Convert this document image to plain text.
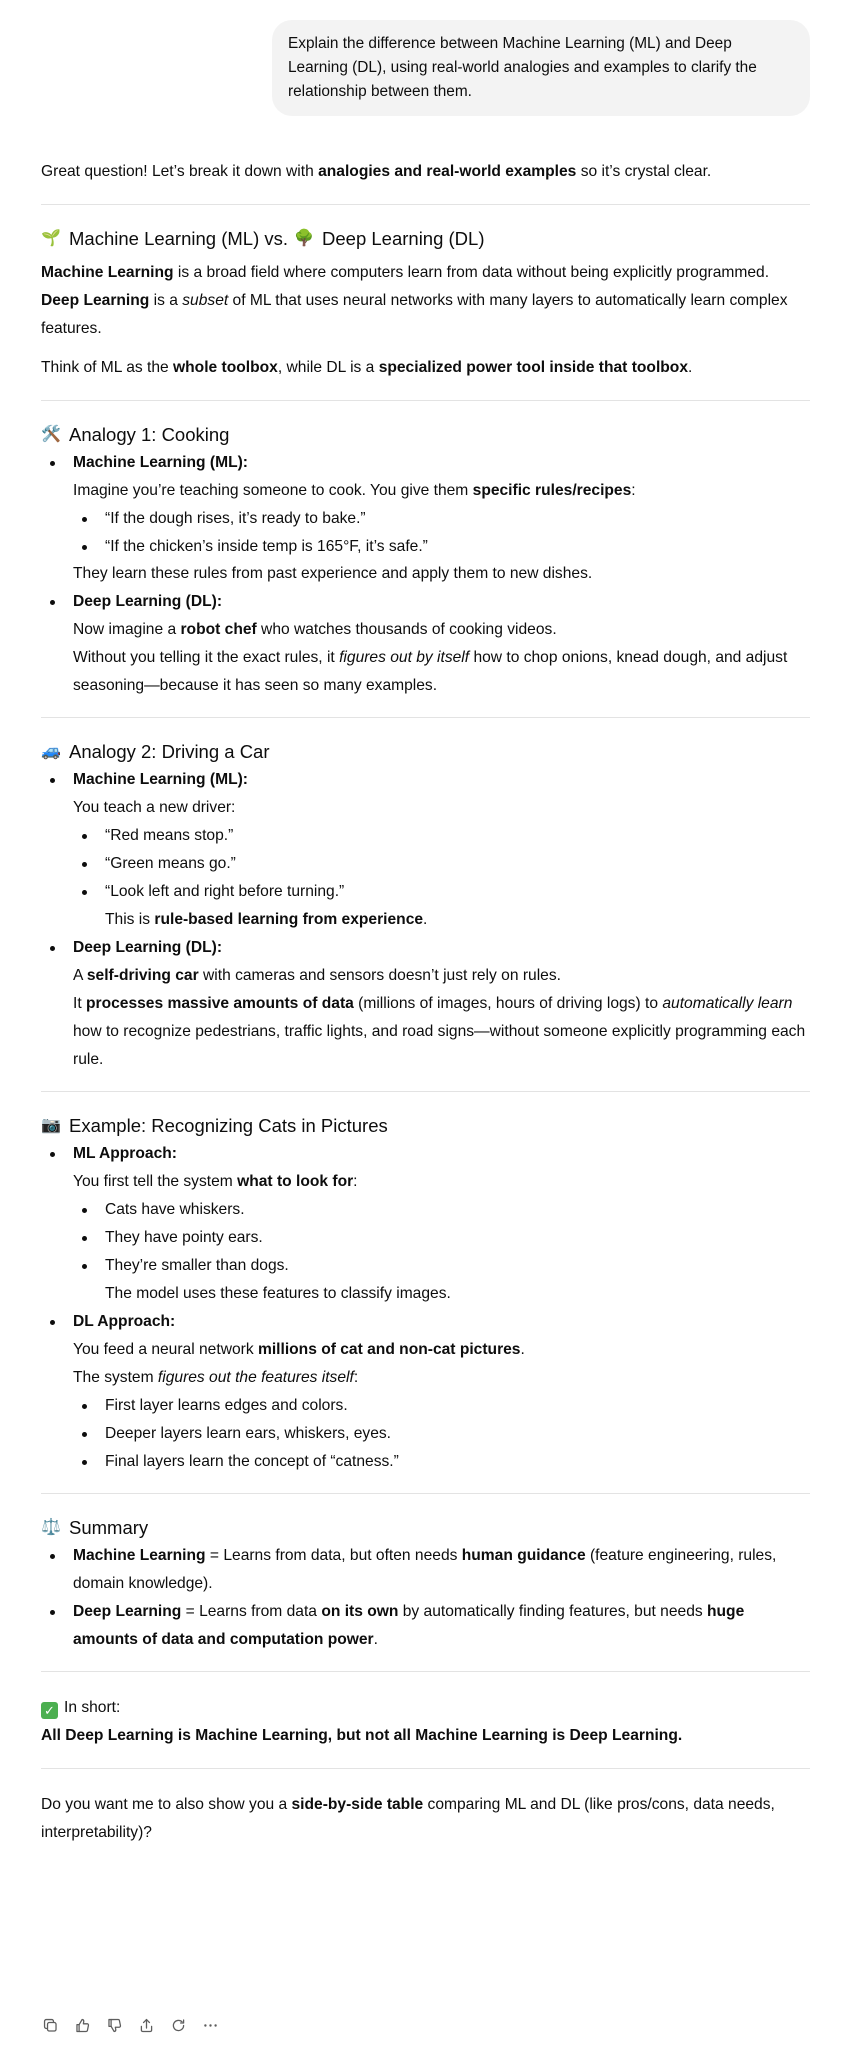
Explain the difference between Machine Learning (ML) and Deep Learning (DL), using real-world analogies and examples to clarify the relationship between them.

Great question! Let’s break it down with analogies and real-world examples so it’s crystal clear.

🌱 Machine Learning (ML) vs. 🌳 Deep Learning (DL)

Machine Learning is a broad field where computers learn from data without being explicitly programmed.
Deep Learning is a subset of ML that uses neural networks with many layers to automatically learn complex features.

Think of ML as the whole toolbox, while DL is a specialized power tool inside that toolbox.

🛠️ Analogy 1: Cooking
Machine Learning (ML):
Imagine you’re teaching someone to cook. You give them specific rules/recipes:
“If the dough rises, it’s ready to bake.”
“If the chicken’s inside temp is 165°F, it’s safe.”
They learn these rules from past experience and apply them to new dishes.
Deep Learning (DL):
Now imagine a robot chef who watches thousands of cooking videos.
Without you telling it the exact rules, it figures out by itself how to chop onions, knead dough, and adjust seasoning—because it has seen so many examples.
🚙 Analogy 2: Driving a Car
Machine Learning (ML):
You teach a new driver:
“Red means stop.”
“Green means go.”
“Look left and right before turning.”
This is rule-based learning from experience.
Deep Learning (DL):
A self-driving car with cameras and sensors doesn’t just rely on rules.
It processes massive amounts of data (millions of images, hours of driving logs) to automatically learn how to recognize pedestrians, traffic lights, and road signs—without someone explicitly programming each rule.
📷 Example: Recognizing Cats in Pictures
ML Approach:
You first tell the system what to look for:
Cats have whiskers.
They have pointy ears.
They’re smaller than dogs.
The model uses these features to classify images.
DL Approach:
You feed a neural network millions of cat and non-cat pictures.
The system figures out the features itself:
First layer learns edges and colors.
Deeper layers learn ears, whiskers, eyes.
Final layers learn the concept of “catness.”
⚖️ Summary
Machine Learning = Learns from data, but often needs human guidance (feature engineering, rules, domain knowledge).
Deep Learning = Learns from data on its own by automatically finding features, but needs huge amounts of data and computation power.

✓ In short:

All Deep Learning is Machine Learning, but not all Machine Learning is Deep Learning.

Do you want me to also show you a side-by-side table comparing ML and DL (like pros/cons, data needs, interpretability)?
